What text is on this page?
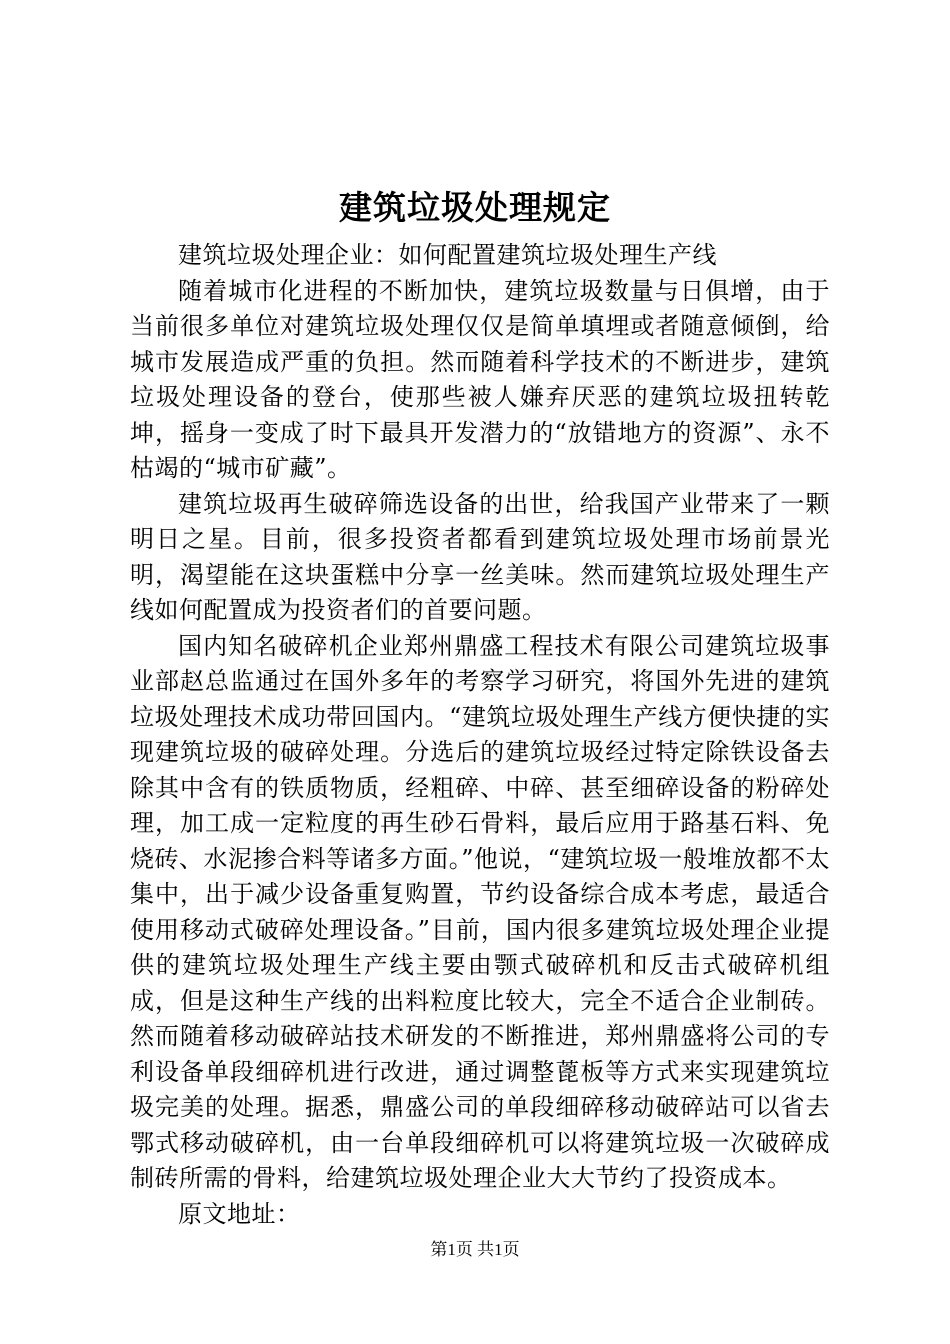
建筑垃圾处理规定

建筑垃圾处理企业：如何配置建筑垃圾处理生产线

随着城市化进程的不断加快，建筑垃圾数量与日俱增，由于当前很多单位对建筑垃圾处理仅仅是简单填埋或者随意倾倒，给城市发展造成严重的负担。然而随着科学技术的不断进步，建筑垃圾处理设备的登台，使那些被人嫌弃厌恶的建筑垃圾扭转乾坤，摇身一变成了时下最具开发潜力的“放错地方的资源”、永不枯竭的“城市矿藏”。

建筑垃圾再生破碎筛选设备的出世，给我国产业带来了一颗明日之星。目前，很多投资者都看到建筑垃圾处理市场前景光明，渴望能在这块蛋糕中分享一丝美味。然而建筑垃圾处理生产线如何配置成为投资者们的首要问题。

国内知名破碎机企业郑州鼎盛工程技术有限公司建筑垃圾事业部赵总监通过在国外多年的考察学习研究，将国外先进的建筑垃圾处理技术成功带回国内。“建筑垃圾处理生产线方便快捷的实现建筑垃圾的破碎处理。分选后的建筑垃圾经过特定除铁设备去除其中含有的铁质物质，经粗碎、中碎、甚至细碎设备的粉碎处理，加工成一定粒度的再生砂石骨料，最后应用于路基石料、免烧砖、水泥掺合料等诸多方面。”他说，“建筑垃圾一般堆放都不太集中，出于减少设备重复购置，节约设备综合成本考虑，最适合使用移动式破碎处理设备。”目前，国内很多建筑垃圾处理企业提供的建筑垃圾处理生产线主要由颚式破碎机和反击式破碎机组成，但是这种生产线的出料粒度比较大，完全不适合企业制砖。然而随着移动破碎站技术研发的不断推进，郑州鼎盛将公司的专利设备单段细碎机进行改进，通过调整蓖板等方式来实现建筑垃圾完美的处理。据悉，鼎盛公司的单段细碎移动破碎站可以省去鄂式移动破碎机，由一台单段细碎机可以将建筑垃圾一次破碎成制砖所需的骨料，给建筑垃圾处理企业大大节约了投资成本。

原文地址：

第1页 共1页
